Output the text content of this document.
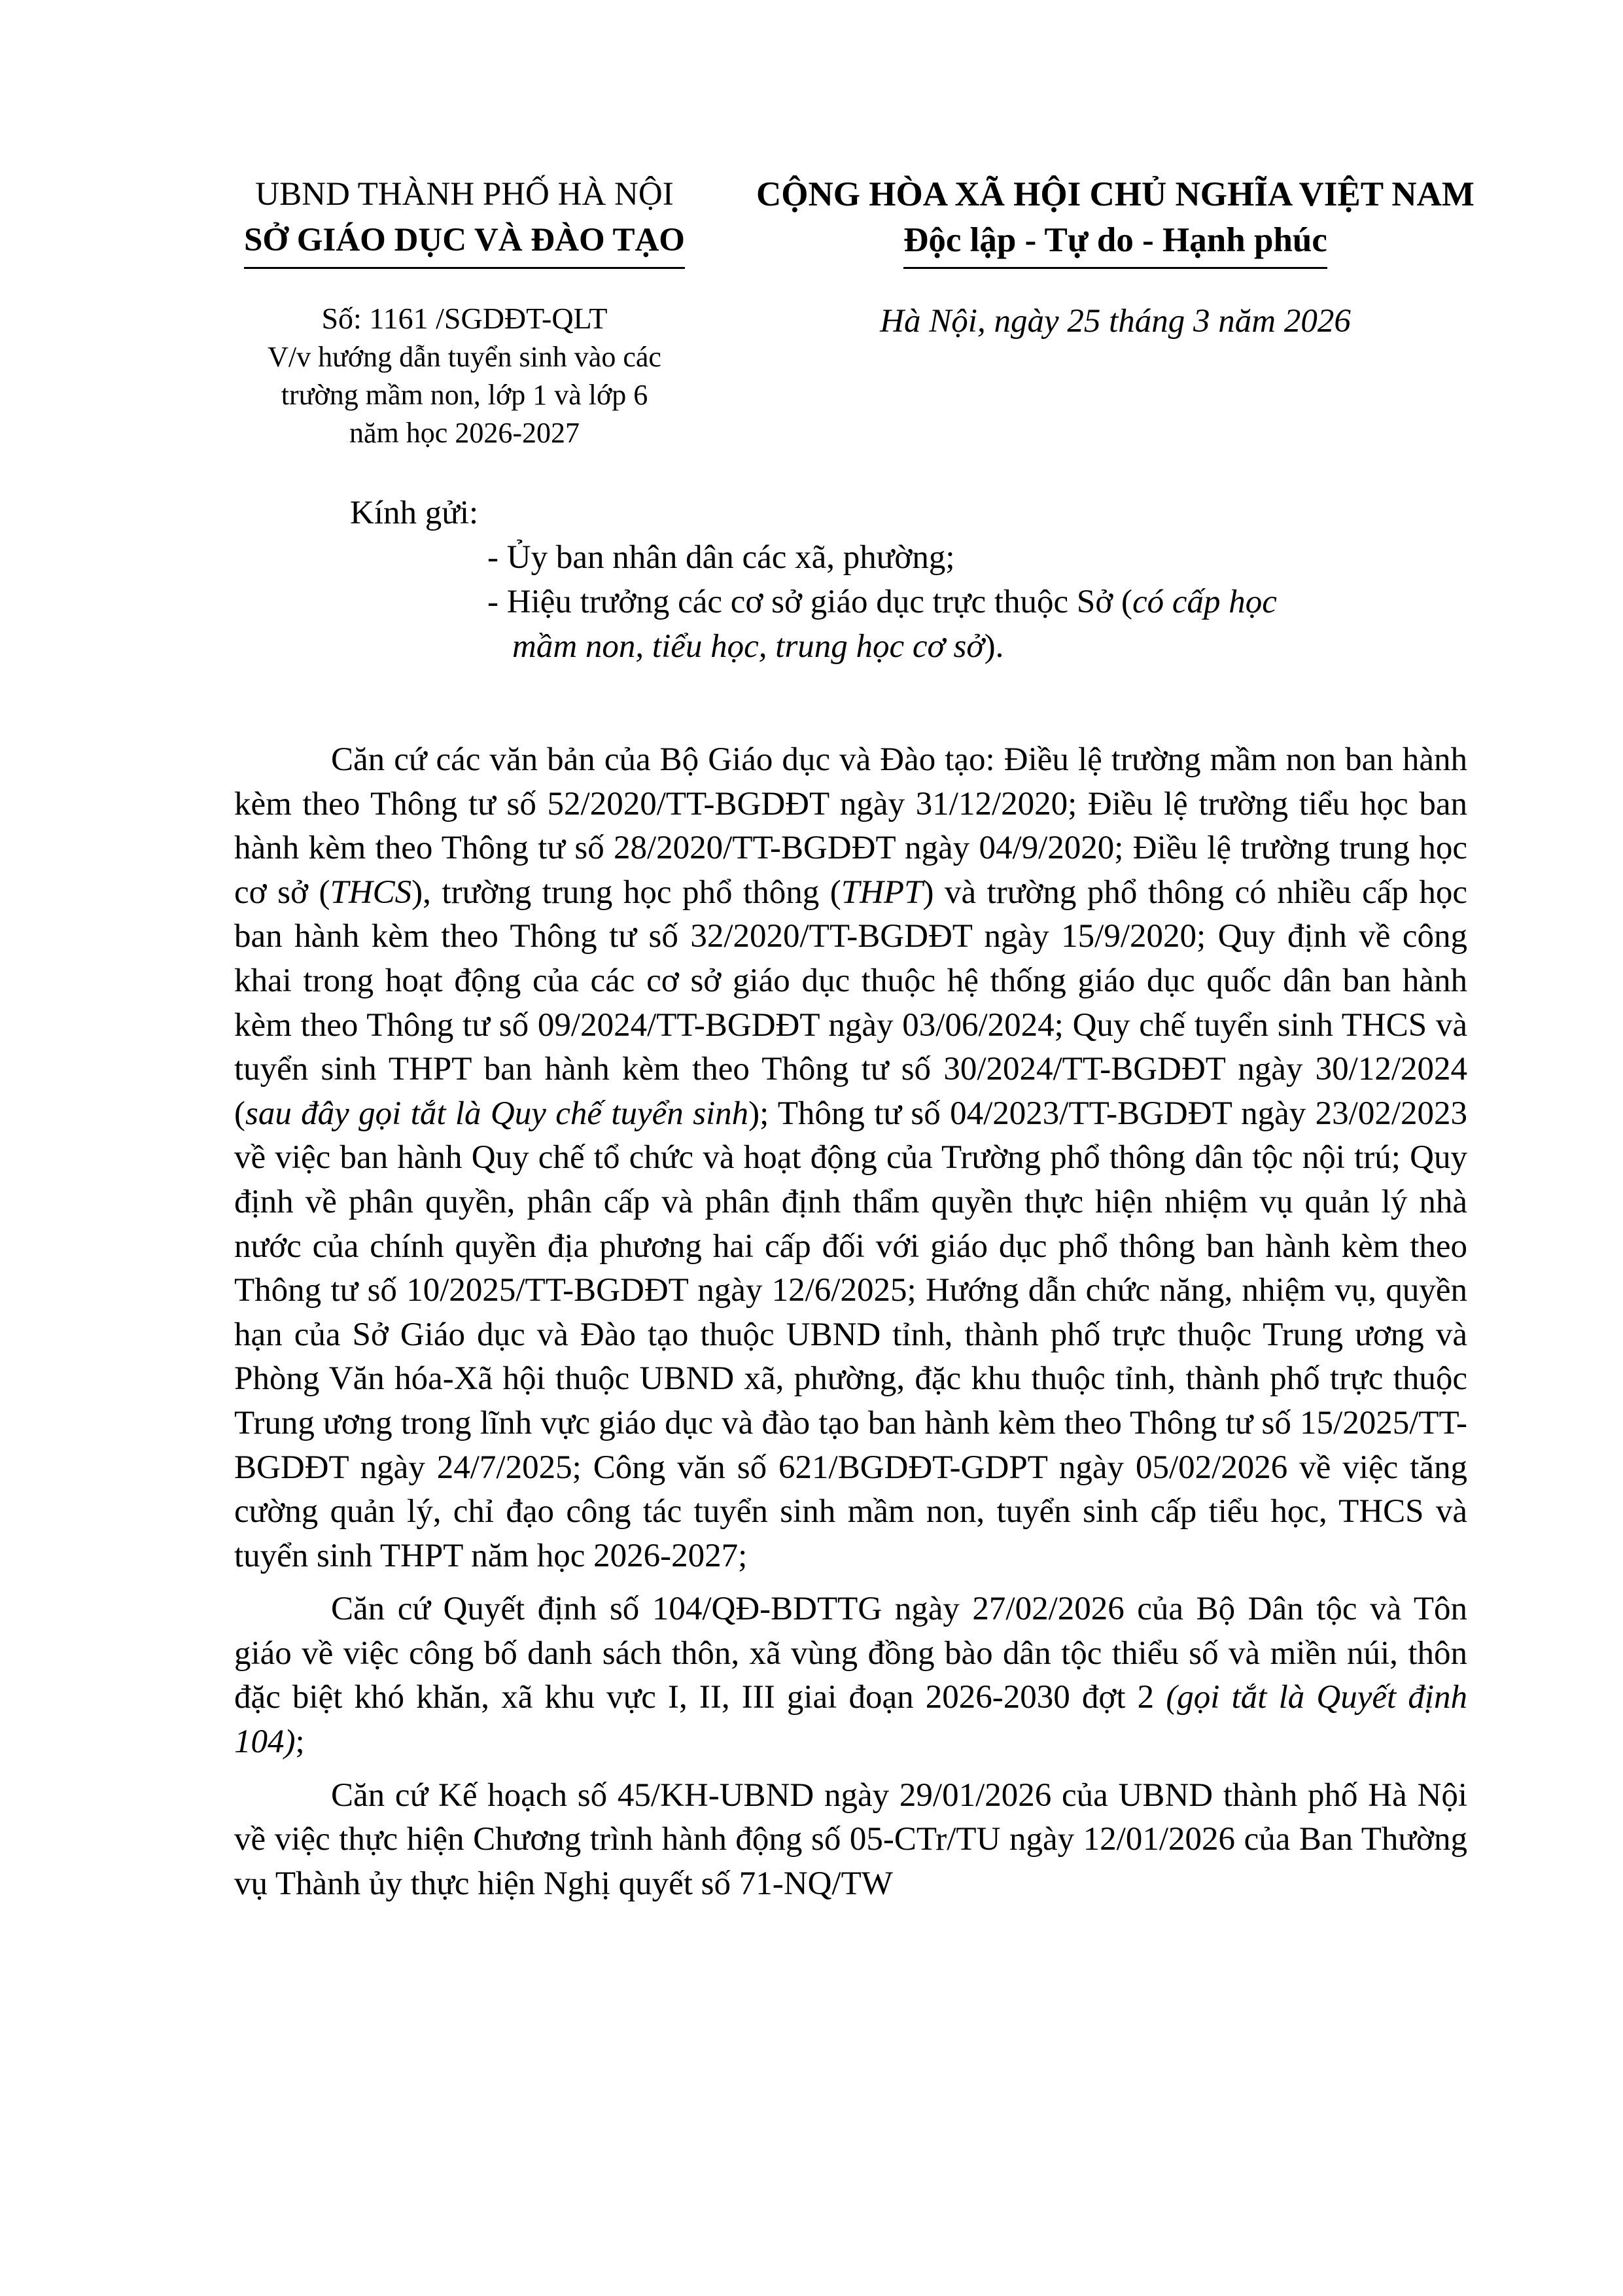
UBND THÀNH PHỐ HÀ NỘI
SỞ GIÁO DỤC VÀ ĐÀO TẠO
Số: 1161 /SGDĐT-QLT
V/v hướng dẫn tuyển sinh vào các
trường mầm non, lớp 1 và lớp 6
năm học 2026-2027
CỘNG HÒA XÃ HỘI CHỦ NGHĨA VIỆT NAM
Độc lập - Tự do - Hạnh phúc
Hà Nội, ngày 25 tháng 3 năm 2026
Kính gửi:
- Ủy ban nhân dân các xã, phường;
- Hiệu trưởng các cơ sở giáo dục trực thuộc Sở (có cấp học
mầm non, tiểu học, trung học cơ sở).

Căn cứ các văn bản của Bộ Giáo dục và Đào tạo: Điều lệ trường mầm non ban hành kèm theo Thông tư số 52/2020/TT-BGDĐT ngày 31/12/2020; Điều lệ trường tiểu học ban hành kèm theo Thông tư số 28/2020/TT-BGDĐT ngày 04/9/2020; Điều lệ trường trung học cơ sở (THCS), trường trung học phổ thông (THPT) và trường phổ thông có nhiều cấp học ban hành kèm theo Thông tư số 32/2020/TT-BGDĐT ngày 15/9/2020; Quy định về công khai trong hoạt động của các cơ sở giáo dục thuộc hệ thống giáo dục quốc dân ban hành kèm theo Thông tư số 09/2024/TT-BGDĐT ngày 03/06/2024; Quy chế tuyển sinh THCS và tuyển sinh THPT ban hành kèm theo Thông tư số 30/2024/TT-BGDĐT ngày 30/12/2024 (sau đây gọi tắt là Quy chế tuyển sinh); Thông tư số 04/2023/TT-BGDĐT ngày 23/02/2023 về việc ban hành Quy chế tổ chức và hoạt động của Trường phổ thông dân tộc nội trú; Quy định về phân quyền, phân cấp và phân định thẩm quyền thực hiện nhiệm vụ quản lý nhà nước của chính quyền địa phương hai cấp đối với giáo dục phổ thông ban hành kèm theo Thông tư số 10/2025/TT-BGDĐT ngày 12/6/2025; Hướng dẫn chức năng, nhiệm vụ, quyền hạn của Sở Giáo dục và Đào tạo thuộc UBND tỉnh, thành phố trực thuộc Trung ương và Phòng Văn hóa-Xã hội thuộc UBND xã, phường, đặc khu thuộc tỉnh, thành phố trực thuộc Trung ương trong lĩnh vực giáo dục và đào tạo ban hành kèm theo Thông tư số 15/2025/TT-BGDĐT ngày 24/7/2025; Công văn số 621/BGDĐT-GDPT ngày 05/02/2026 về việc tăng cường quản lý, chỉ đạo công tác tuyển sinh mầm non, tuyển sinh cấp tiểu học, THCS và tuyển sinh THPT năm học 2026-2027;

Căn cứ Quyết định số 104/QĐ-BDTTG ngày 27/02/2026 của Bộ Dân tộc và Tôn giáo về việc công bố danh sách thôn, xã vùng đồng bào dân tộc thiểu số và miền núi, thôn đặc biệt khó khăn, xã khu vực I, II, III giai đoạn 2026-2030 đợt 2 (gọi tắt là Quyết định 104);

Căn cứ Kế hoạch số 45/KH-UBND ngày 29/01/2026 của UBND thành phố Hà Nội về việc thực hiện Chương trình hành động số 05-CTr/TU ngày 12/01/2026 của Ban Thường vụ Thành ủy thực hiện Nghị quyết số 71-NQ/TW
